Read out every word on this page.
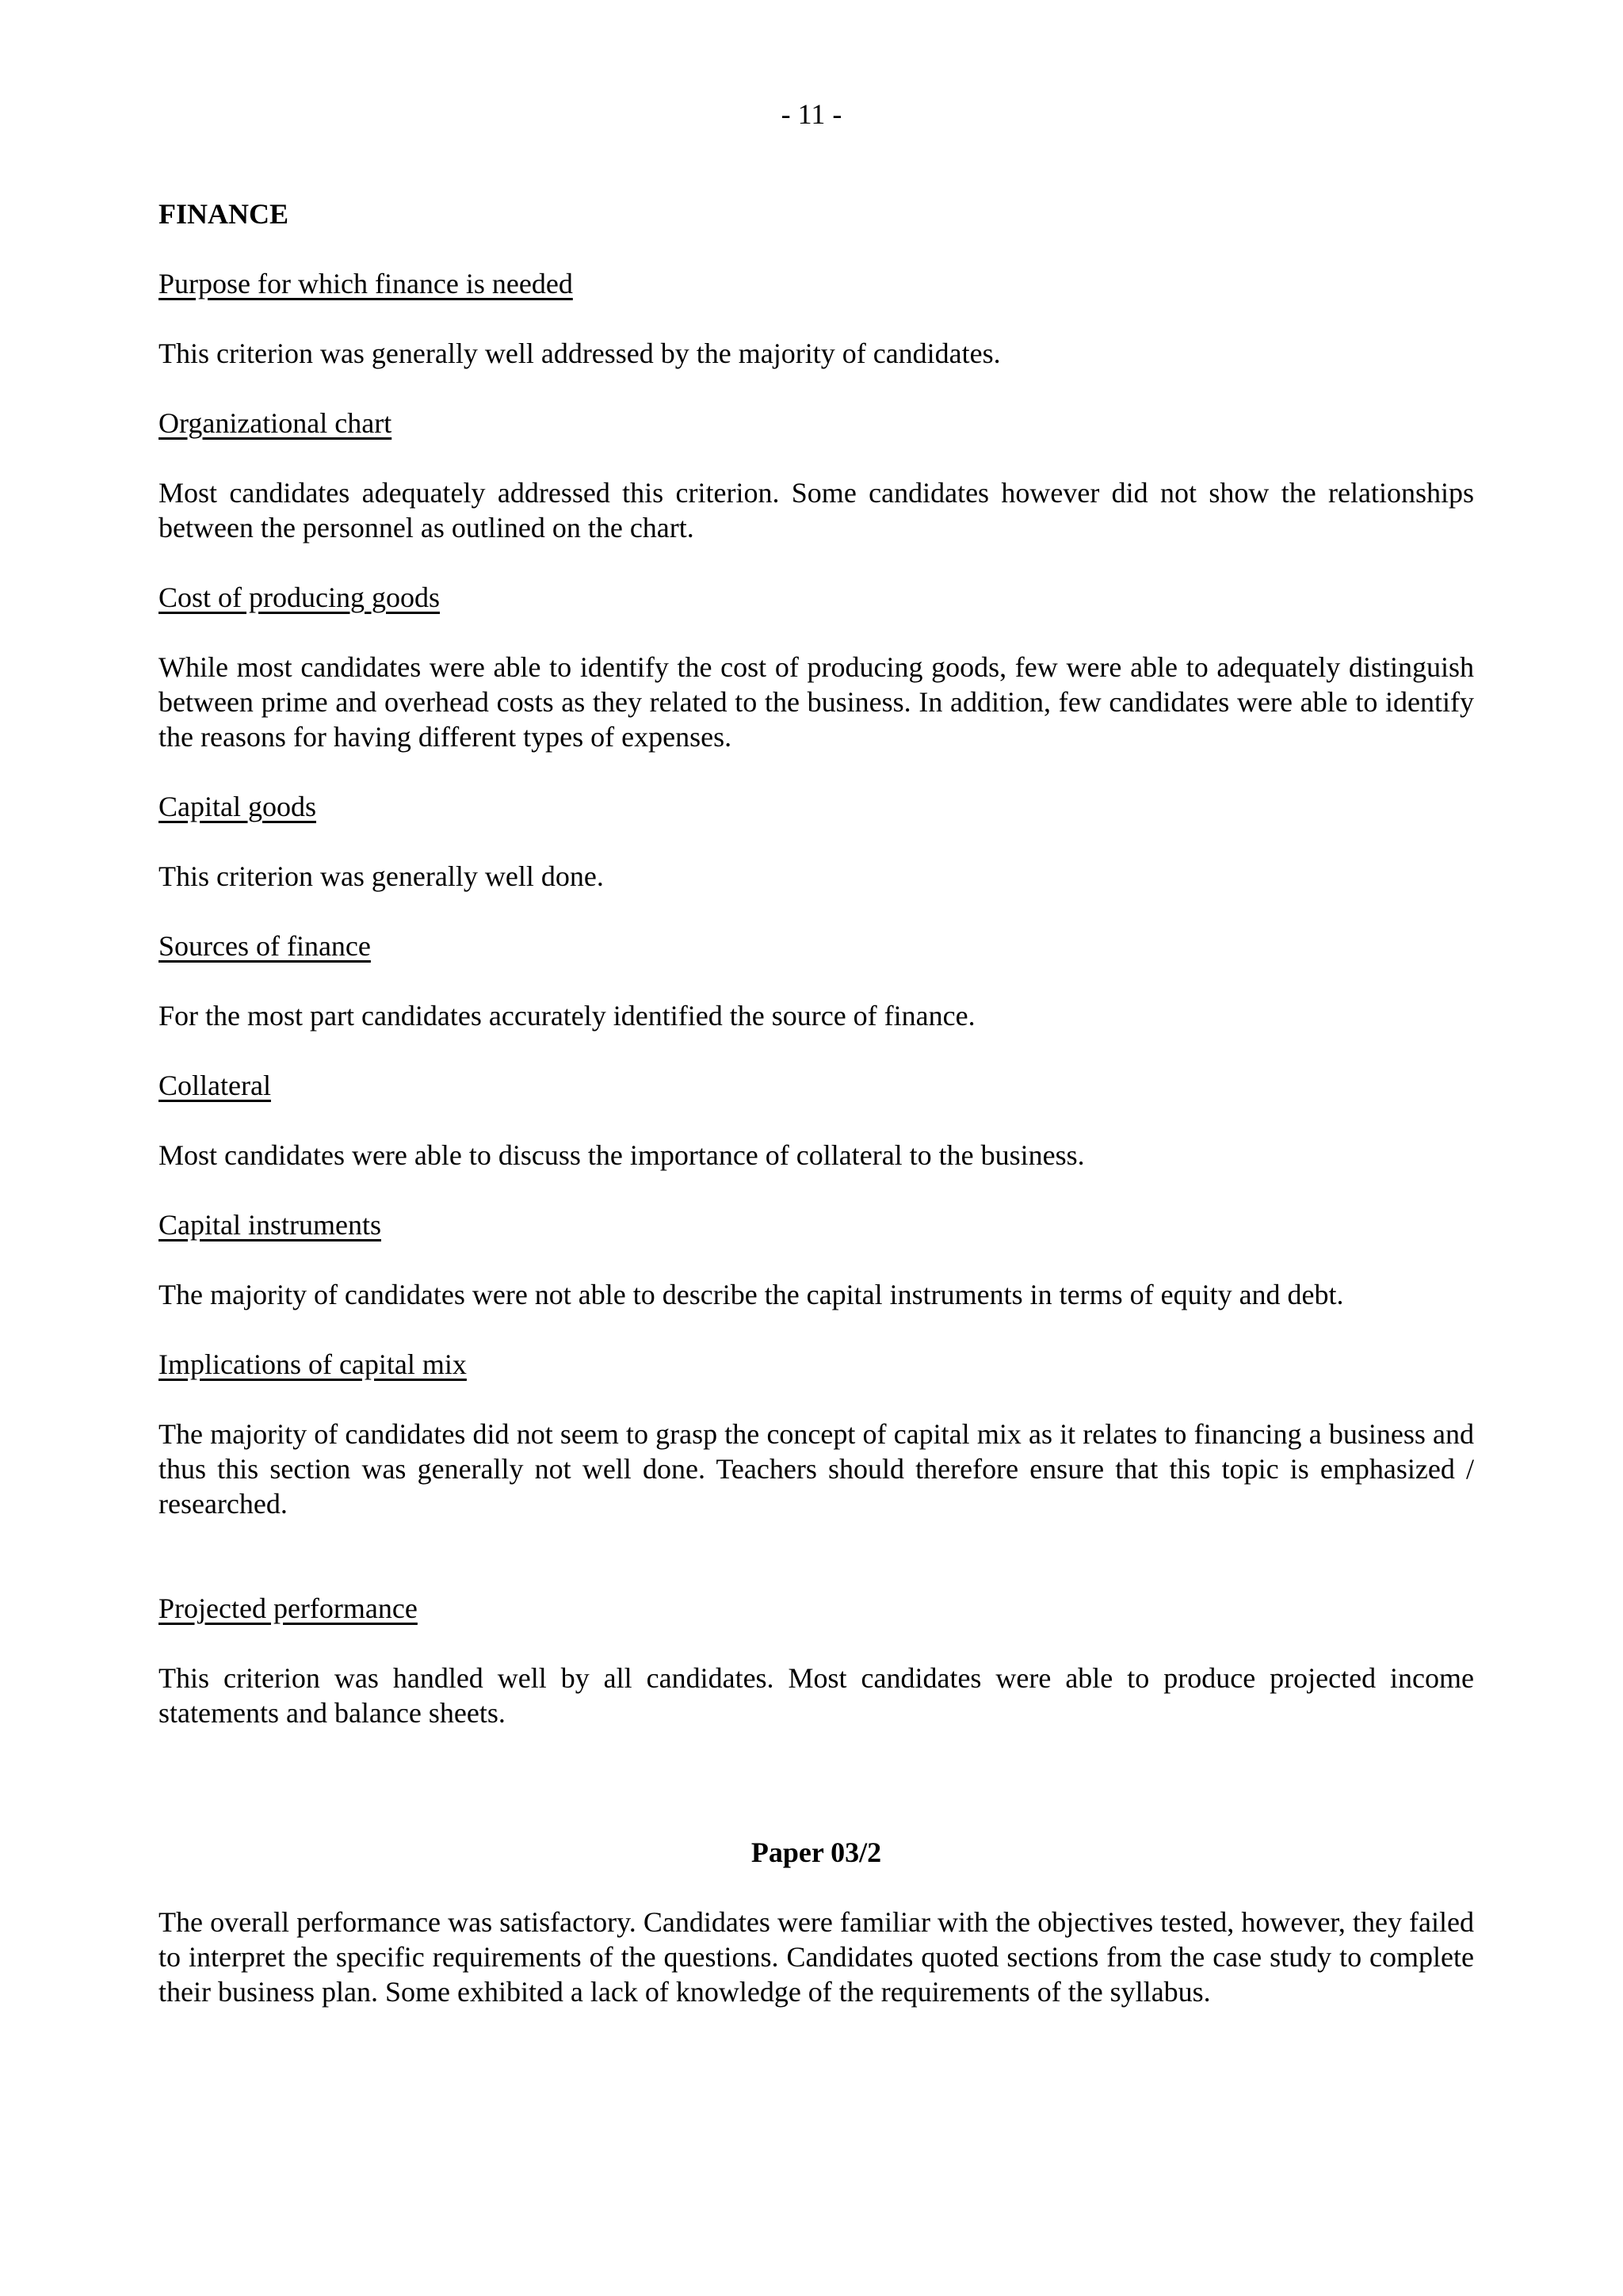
- 11 -
FINANCE
Purpose for which finance is needed
This criterion was generally well addressed by the majority of candidates.
Organizational chart
Most candidates adequately addressed this criterion. Some candidates however did not show the relationships between the personnel as outlined on the chart.
Cost of producing goods
While most candidates were able to identify the cost of producing goods, few were able to adequately distinguish between prime and overhead costs as they related to the business. In addition, few candidates were able to identify the reasons for having different types of expenses.
Capital goods
This criterion was generally well done.
Sources of finance
For the most part candidates accurately identified the source of finance.
Collateral
Most candidates were able to discuss the importance of collateral to the business.
Capital instruments
The majority of candidates were not able to describe the capital instruments in terms of equity and debt.
Implications of capital mix
The majority of candidates did not seem to grasp the concept of capital mix as it relates to financing a business and thus this section was generally not well done. Teachers should therefore ensure that this topic is emphasized / researched.
Projected performance
This criterion was handled well by all candidates. Most candidates were able to produce projected income statements and balance sheets.
Paper 03/2
The overall performance was satisfactory. Candidates were familiar with the objectives tested, however, they failed to interpret the specific requirements of the questions. Candidates quoted sections from the case study to complete their business plan. Some exhibited a lack of knowledge of the requirements of the syllabus.
